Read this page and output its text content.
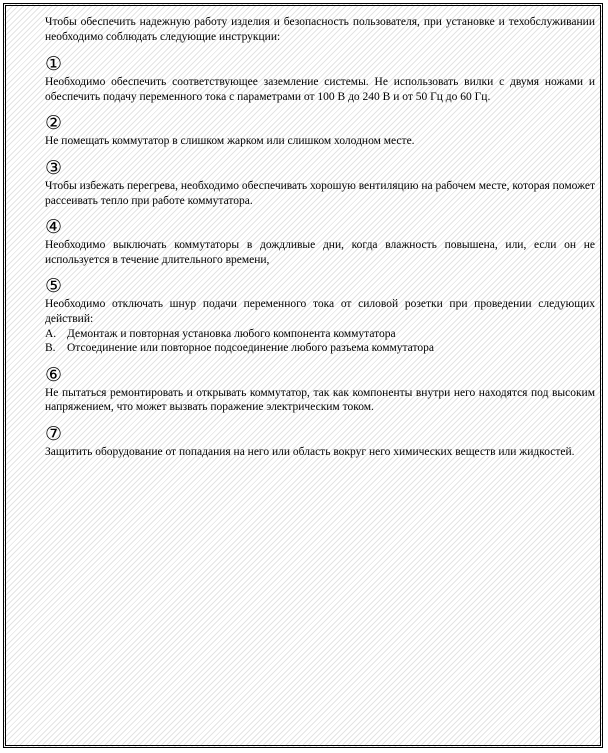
Чтобы обеспечить надежную работу изделия и безопасность пользователя, при установке и техобслуживании необходимо соблюдать следующие инструкции:

①

Необходимо обеспечить соответствующее заземление системы. Не использовать вилки с двумя ножами и обеспечить подачу переменного тока с параметрами от 100 В до 240 В и от 50 Гц до 60 Гц.

②

Не помещать коммутатор в слишком жарком или слишком холодном месте.

③

Чтобы избежать перегрева, необходимо обеспечивать хорошую вентиляцию на рабочем месте, которая поможет рассеивать тепло при работе коммутатора.

④

Необходимо выключать коммутаторы в дождливые дни, когда влажность повышена, или, если он не используется в течение длительного времени,

⑤

Необходимо отключать шнур подачи переменного тока от силовой розетки при проведении следующих действий:

A. Демонтаж и повторная установка любого компонента коммутатора
B. Отсоединение или повторное подсоединение любого разъема коммутатора
⑥

Не пытаться ремонтировать и открывать коммутатор, так как компоненты внутри него находятся под высоким напряжением, что может вызвать поражение электрическим током.

⑦

Защитить оборудование от попадания на него или область вокруг него химических веществ или жидкостей.
